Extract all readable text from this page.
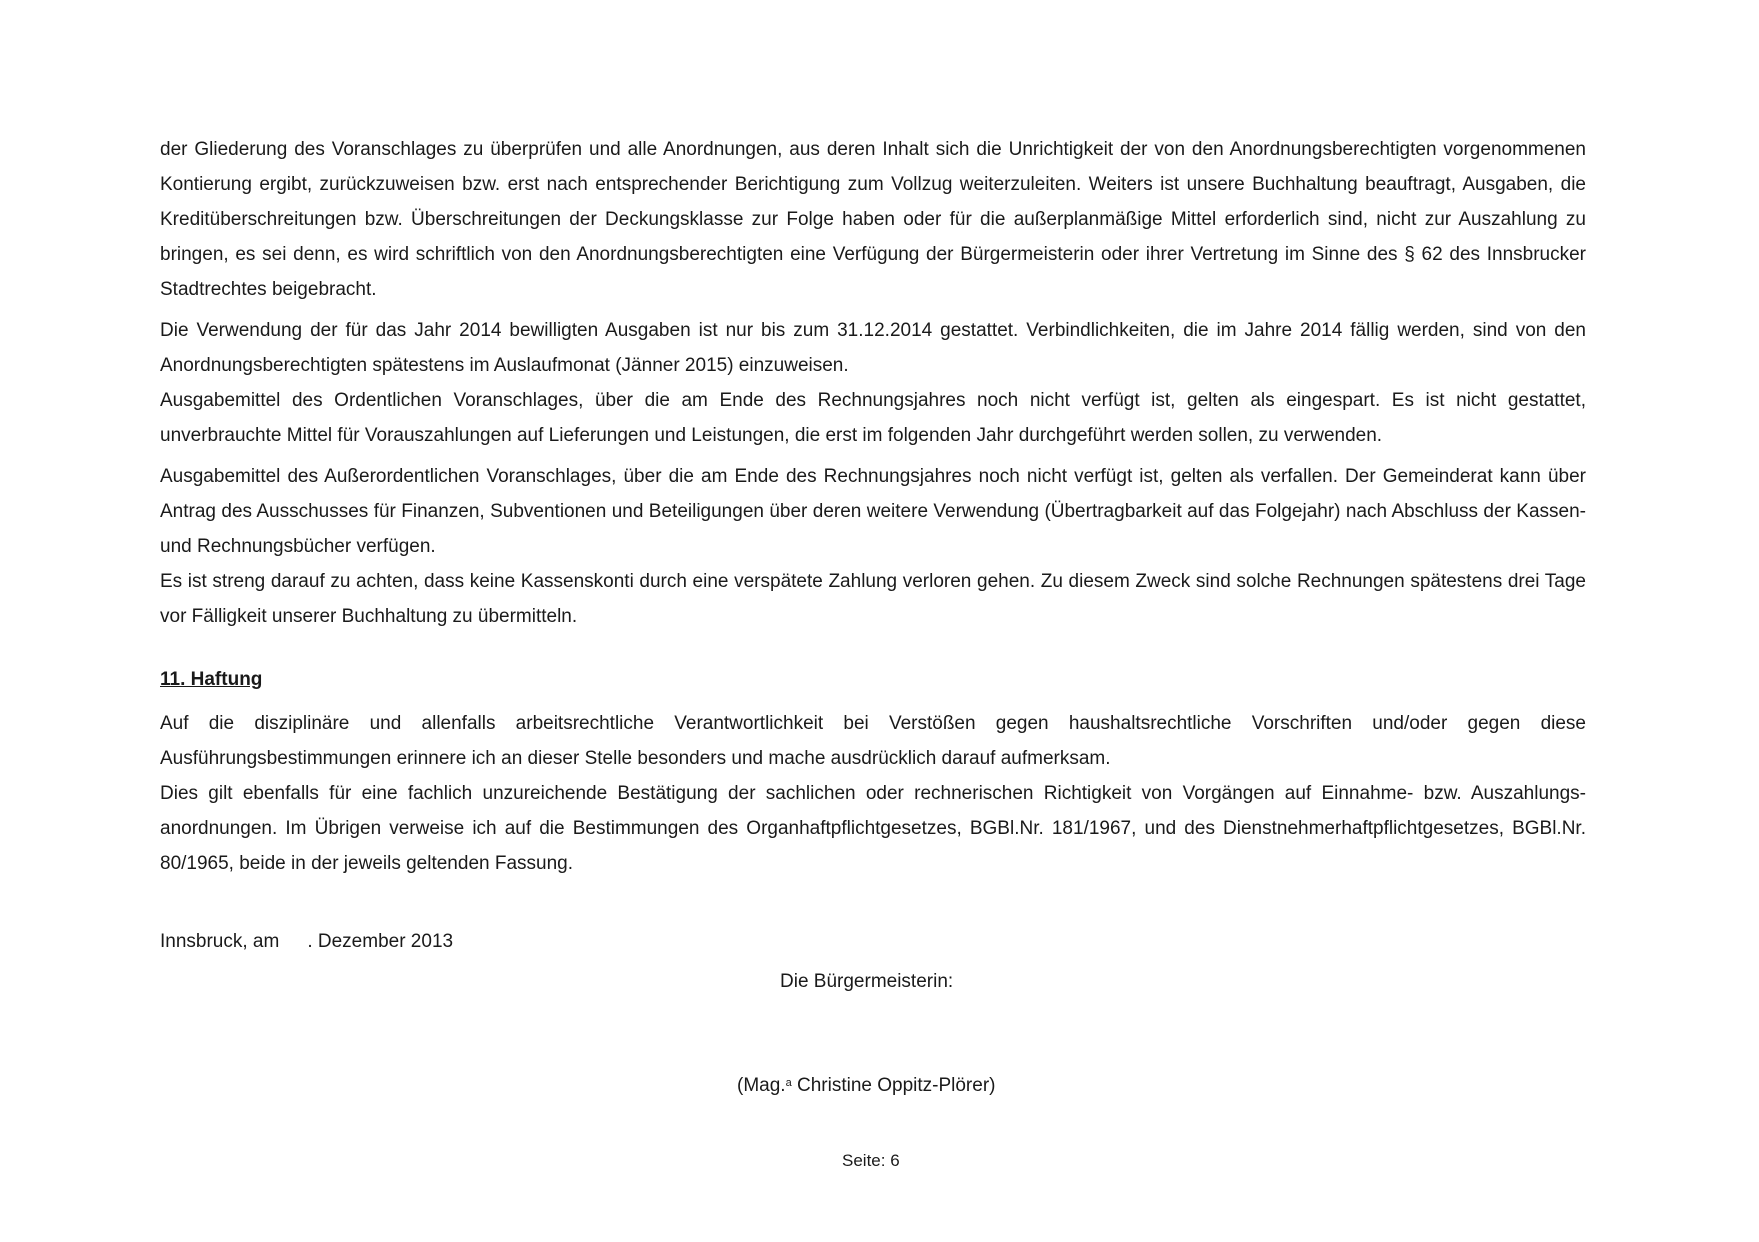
der Gliederung des Voranschlages zu überprüfen und alle Anordnungen, aus deren Inhalt sich die Unrichtigkeit der von den Anordnungsberechtigten vorgenommenen Kontierung ergibt, zurückzuweisen bzw. erst nach entsprechender Berichtigung zum Vollzug weiterzuleiten. Weiters ist unsere Buchhaltung beauftragt, Ausgaben, die Kreditüberschreitungen bzw. Überschreitungen der Deckungsklasse zur Folge haben oder für die außerplanmäßige Mittel erforderlich sind, nicht zur Auszahlung zu bringen, es sei denn, es wird schriftlich von den Anordnungsberechtigten eine Verfügung der Bürgermeisterin oder ihrer Vertretung im Sinne des § 62 des Innsbrucker Stadtrechtes beigebracht.

Die Verwendung der für das Jahr 2014 bewilligten Ausgaben ist nur bis zum 31.12.2014 gestattet. Verbindlichkeiten, die im Jahre 2014 fällig werden, sind von den Anordnungsberechtigten spätestens im Auslaufmonat (Jänner 2015) einzuweisen.

Ausgabemittel des Ordentlichen Voranschlages, über die am Ende des Rechnungsjahres noch nicht verfügt ist, gelten als eingespart. Es ist nicht gestattet, unverbrauchte Mittel für Vorauszahlungen auf Lieferungen und Leistungen, die erst im folgenden Jahr durchgeführt werden sollen, zu verwenden.

Ausgabemittel des Außerordentlichen Voranschlages, über die am Ende des Rechnungsjahres noch nicht verfügt ist, gelten als verfallen. Der Gemeinderat kann über Antrag des Ausschusses für Finanzen, Subventionen und Beteiligungen über deren weitere Verwendung (Übertragbarkeit auf das Folgejahr) nach Abschluss der Kassen- und Rechnungsbücher verfügen.

Es ist streng darauf zu achten, dass keine Kassenskonti durch eine verspätete Zahlung verloren gehen. Zu diesem Zweck sind solche Rechnungen spätestens drei Tage vor Fälligkeit unserer Buchhaltung zu übermitteln.

11. Haftung

Auf die disziplinäre und allenfalls arbeitsrechtliche Verantwortlichkeit bei Verstößen gegen haushaltsrechtliche Vorschriften und/oder gegen diese Ausführungsbestimmungen erinnere ich an dieser Stelle besonders und mache ausdrücklich darauf aufmerksam.

Dies gilt ebenfalls für eine fachlich unzureichende Bestätigung der sachlichen oder rechnerischen Richtigkeit von Vorgängen auf Einnahme- bzw. Auszahlungs-anordnungen. Im Übrigen verweise ich auf die Bestimmungen des Organhaftpflichtgesetzes, BGBl.Nr. 181/1967, und des Dienstnehmerhaftpflichtgesetzes, BGBl.Nr. 80/1965, beide in der jeweils geltenden Fassung.

Innsbruck, am . Dezember 2013
Die Bürgermeisterin:
(Mag.$^a$ Christine Oppitz-Plörer)
Seite: 6
